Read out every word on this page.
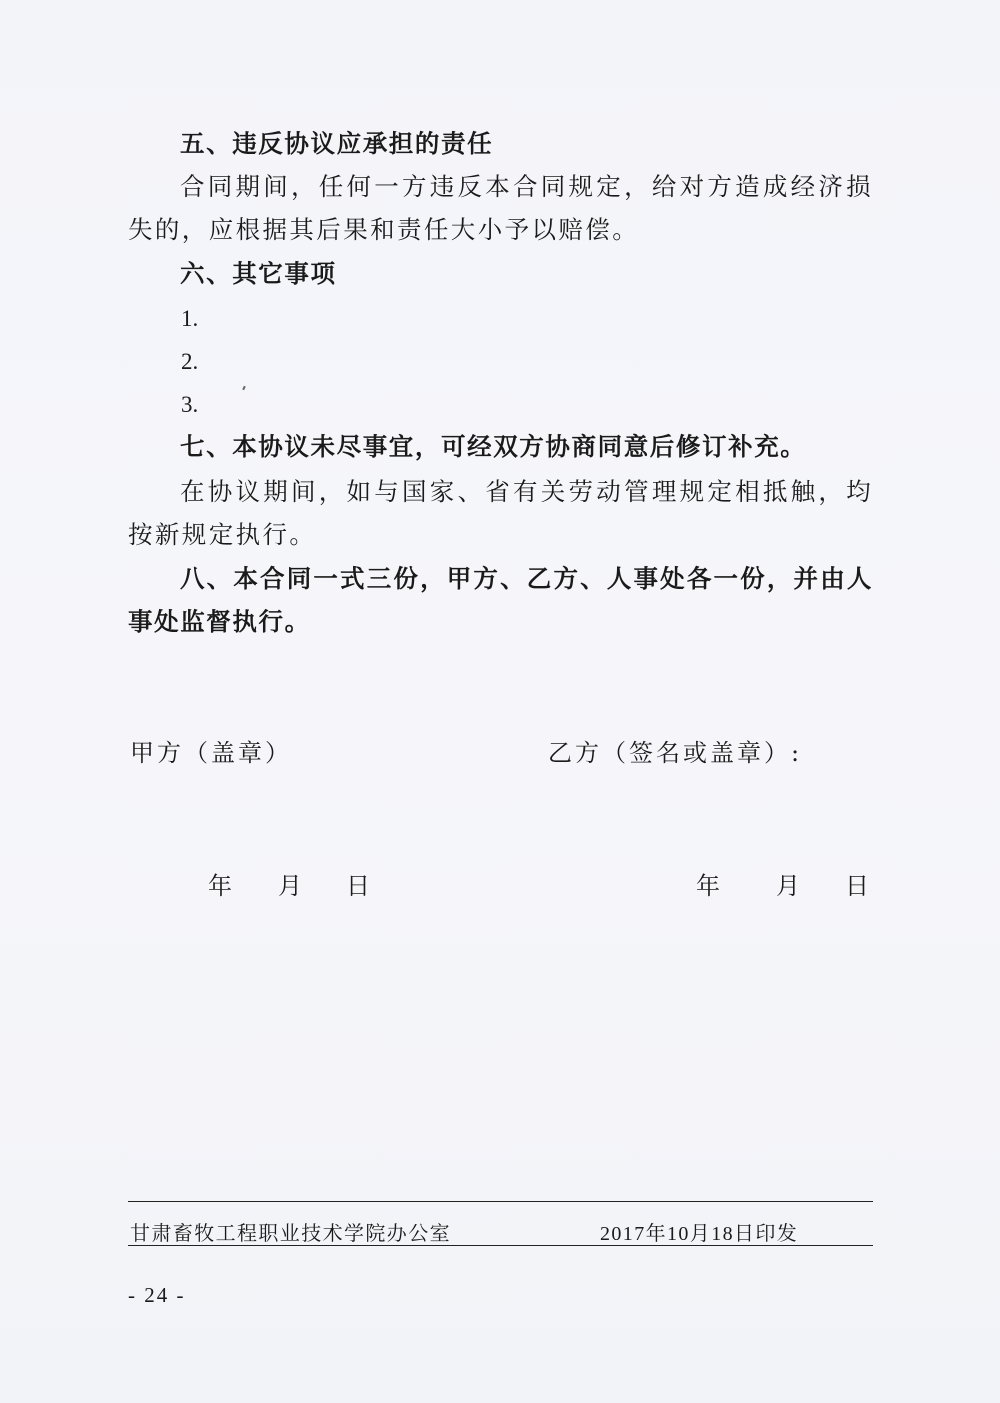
五、违反协议应承担的责任

合同期间，任何一方违反本合同规定，给对方造成经济损失的，应根据其后果和责任大小予以赔偿。

六、其它事项

1.

2.

3.

七、本协议未尽事宜，可经双方协商同意后修订补充。

在协议期间，如与国家、省有关劳动管理规定相抵触，均按新规定执行。

八、本合同一式三份，甲方、乙方、人事处各一份，并由人事处监督执行。

甲方（盖章）	乙方（签名或盖章）:

年 月 日	年 月 日

甘肃畜牧工程职业技术学院办公室	2017年10月18日印发

- 24 -
